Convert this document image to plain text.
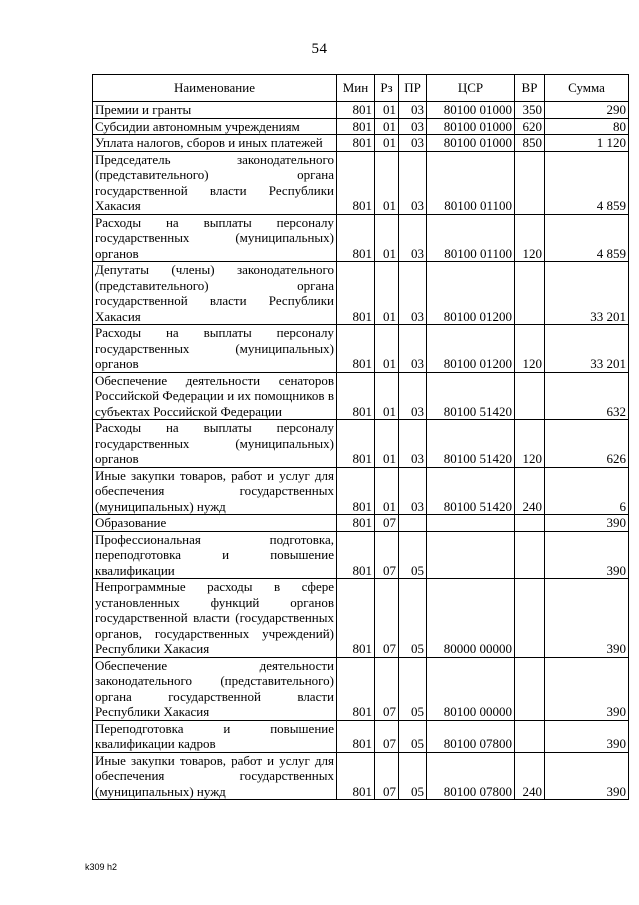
54
Наименование	Мин	Рз	ПР	ЦСР	ВР	Сумма
Премии и гранты	801	01	03	80100 01000	350	290
Субсидии автономным учреждениям	801	01	03	80100 01000	620	80
Уплата налогов, сборов и иных платежей	801	01	03	80100 01000	850	1 120
Председатель законодательного (представительного) органа государственной власти Республики Хакасия	801	01	03	80100 01100		4 859
Расходы на выплаты персоналу государственных (муниципальных) органов	801	01	03	80100 01100	120	4 859
Депутаты (члены) законодательного (представительного) органа государственной власти Республики Хакасия	801	01	03	80100 01200		33 201
Расходы на выплаты персоналу государственных (муниципальных) органов	801	01	03	80100 01200	120	33 201
Обеспечение деятельности сенаторов Российской Федерации и их помощников в субъектах Российской Федерации	801	01	03	80100 51420		632
Расходы на выплаты персоналу государственных (муниципальных) органов	801	01	03	80100 51420	120	626
Иные закупки товаров, работ и услуг для обеспечения государственных (муниципальных) нужд	801	01	03	80100 51420	240	6
Образование	801	07				390
Профессиональная подготовка, переподготовка и повышение квалификации	801	07	05			390
Непрограммные расходы в сфере установленных функций органов государственной власти (государственных органов, государственных учреждений) Республики Хакасия	801	07	05	80000 00000		390
Обеспечение деятельности законодательного (представительного) органа государственной власти Республики Хакасия	801	07	05	80100 00000		390
Переподготовка и повышение квалификации кадров	801	07	05	80100 07800		390
Иные закупки товаров, работ и услуг для обеспечения государственных (муниципальных) нужд	801	07	05	80100 07800	240	390
k309 h2
